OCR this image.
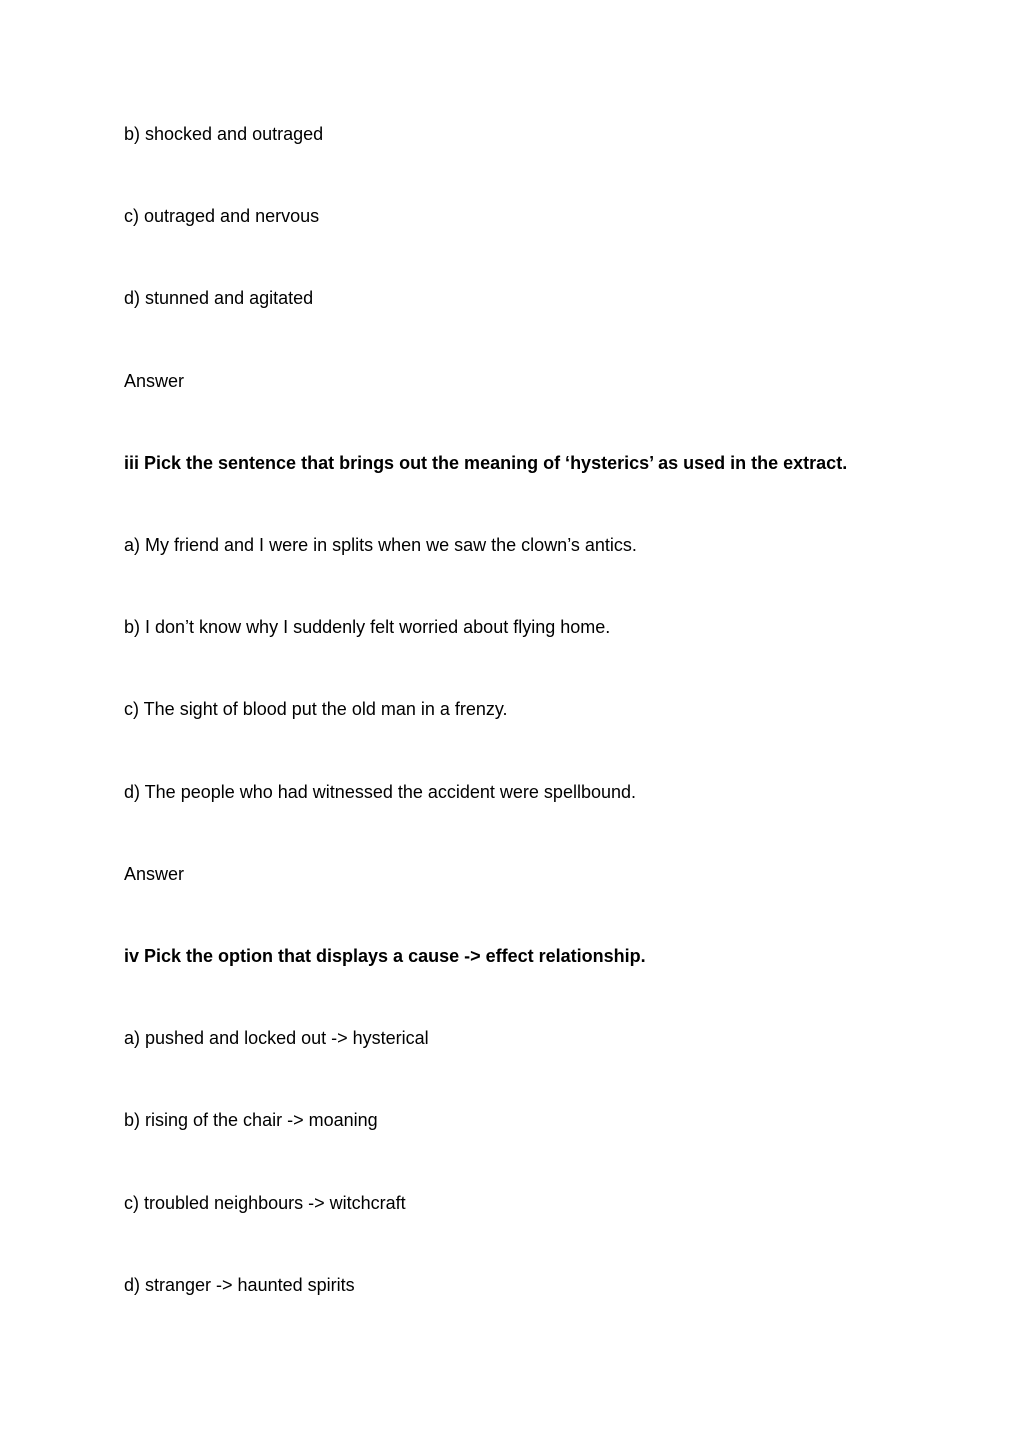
b) shocked and outraged

c) outraged and nervous

d) stunned and agitated

Answer

iii Pick the sentence that brings out the meaning of ‘hysterics’ as used in the extract.

a) My friend and I were in splits when we saw the clown’s antics.

b) I don’t know why I suddenly felt worried about flying home.

c) The sight of blood put the old man in a frenzy.

d) The people who had witnessed the accident were spellbound.

Answer

iv Pick the option that displays a cause -> effect relationship.

a) pushed and locked out -> hysterical

b) rising of the chair -> moaning

c) troubled neighbours -> witchcraft

d) stranger -> haunted spirits
